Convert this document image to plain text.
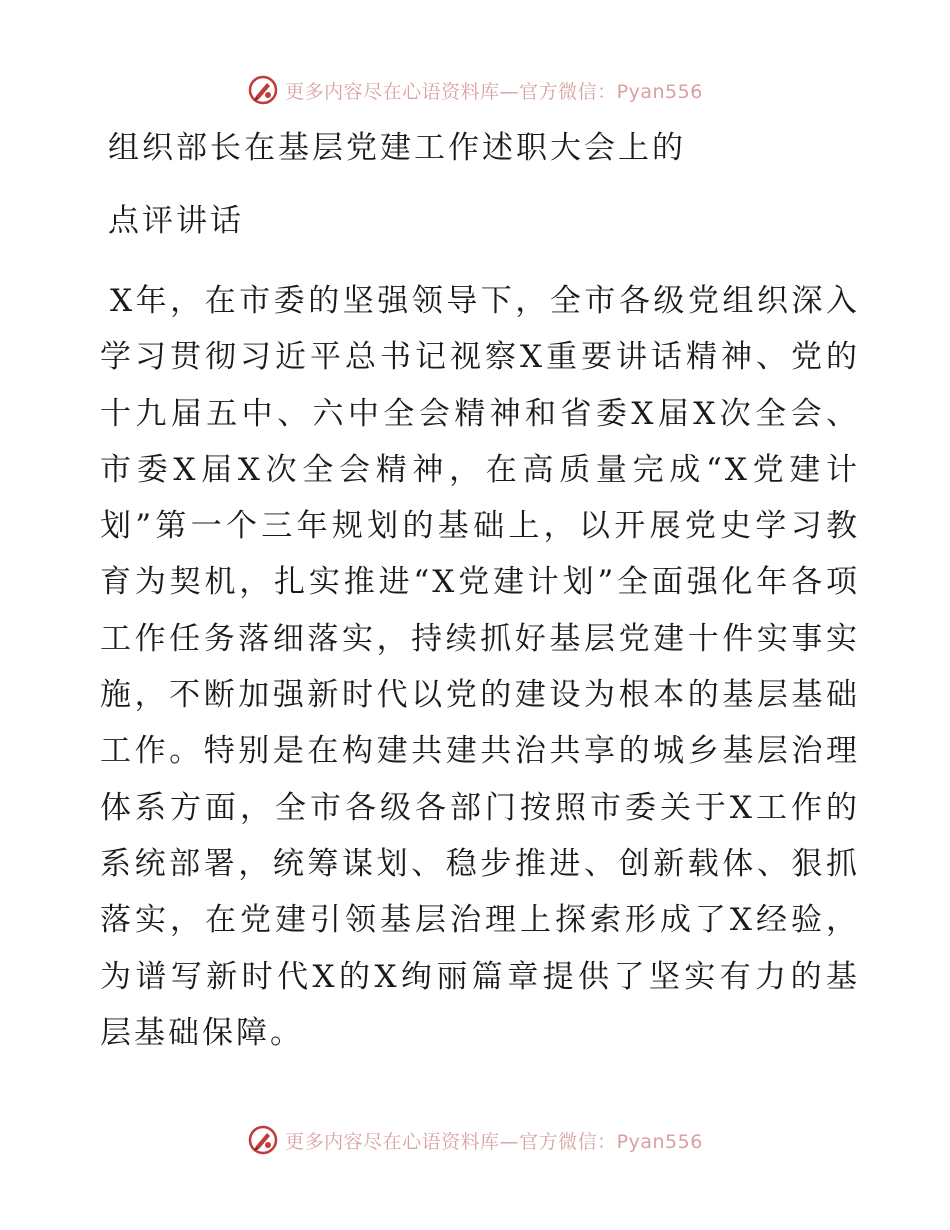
更多内容尽在心语资料库—官方微信：Pyan556
组织部长在基层党建工作述职大会上的
点评讲话

X年，在市委的坚强领导下，全市各级党组织深入学习贯彻习近平总书记视察X重要讲话精神、党的十九届五中、六中全会精神和省委X届X次全会、市委X届X次全会精神，在高质量完成“X党建计划”第一个三年规划的基础上，以开展党史学习教育为契机，扎实推进“X党建计划”全面强化年各项工作任务落细落实，持续抓好基层党建十件实事实施，不断加强新时代以党的建设为根本的基层基础工作。特别是在构建共建共治共享的城乡基层治理体系方面，全市各级各部门按照市委关于X工作的系统部署，统筹谋划、稳步推进、创新载体、狠抓落实，在党建引领基层治理上探索形成了X经验，为谱写新时代X的X绚丽篇章提供了坚实有力的基层基础保障。

更多内容尽在心语资料库—官方微信：Pyan556
